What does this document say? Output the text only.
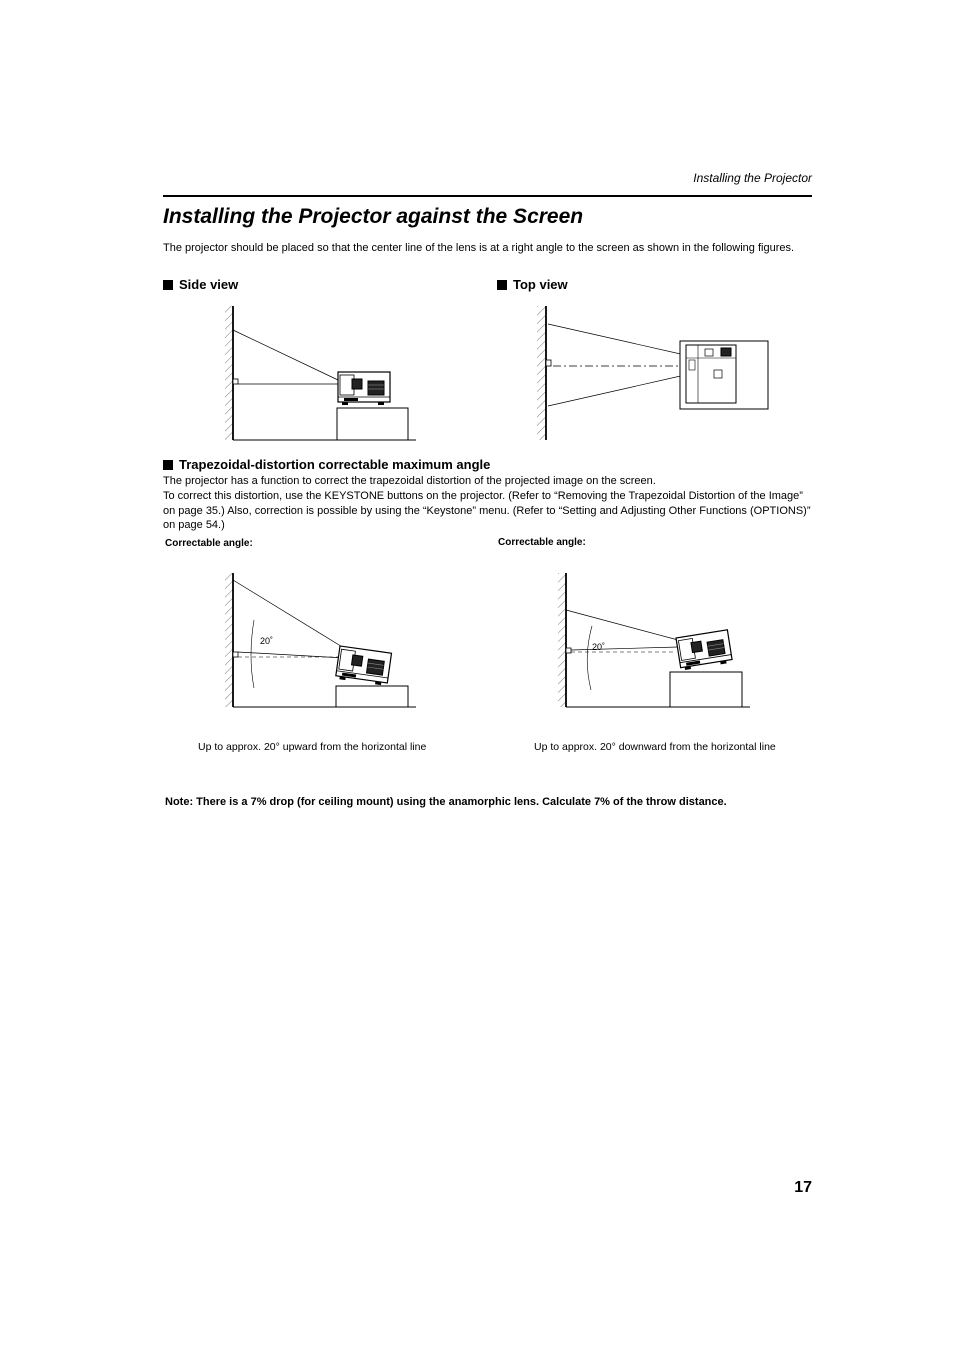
Installing the Projector
Installing the Projector against the Screen
The projector should be placed so that the center line of the lens is at a right angle to the screen as shown in the following figures.
Side view	Top view
Trapezoidal-distortion correctable maximum angle
The projector has a function to correct the trapezoidal distortion of the projected image on the screen.
To correct this distortion, use the KEYSTONE buttons on the projector. (Refer to “Removing the Trapezoidal Distortion of the Image” on page 35.) Also, correction is possible by using the “Keystone” menu. (Refer to “Setting and Adjusting Other Functions (OPTIONS)” on page 54.)
Correctable angle:	Correctable angle:
20˚
20˚
Up to approx. 20° upward from the horizontal line	Up to approx. 20° downward from the horizontal line
Note: There is a 7% drop (for ceiling mount) using the anamorphic lens. Calculate 7% of the throw distance.
17
